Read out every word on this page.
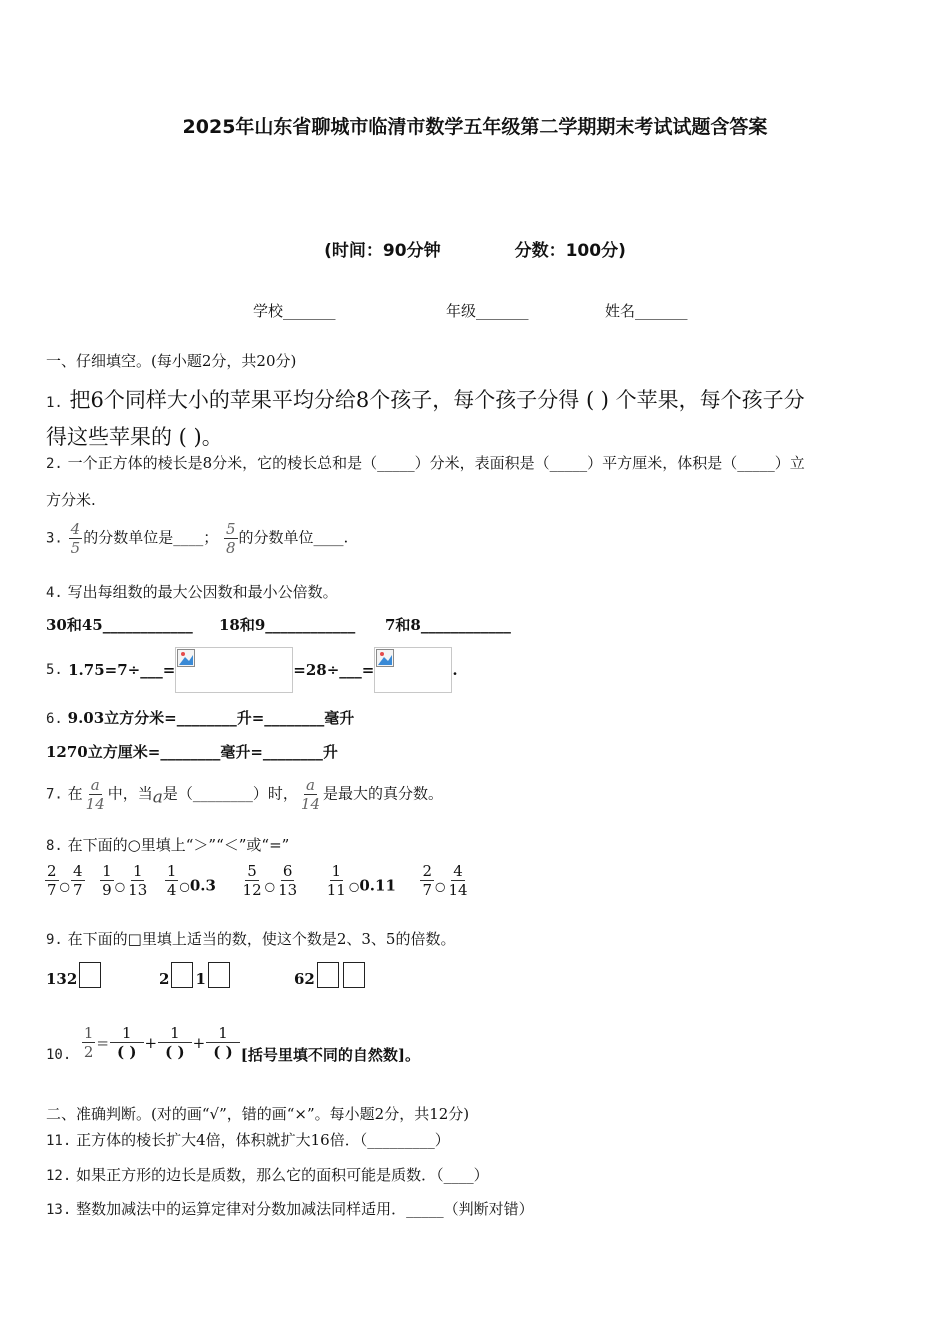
2025年山东省聊城市临清市数学五年级第二学期期末考试试题含答案
(时间：90分钟	分数：100分)
学校_______	年级_______	姓名_______
一、仔细填空。(每小题2分，共20分)
1. 把6个同样大小的苹果平均分给8个孩子，每个孩子分得 ( ) 个苹果，每个孩子分
得这些苹果的 ( )。
2. 一个正方体的棱长是8分米，它的棱长总和是（_____）分米，表面积是（_____）平方厘米，体积是（_____）立
方分米.
3. $\frac{4}{5}$ 的分数单位是____； $\frac{5}{8}$ 的分数单位____.
4. 写出每组数的最大公因数和最小公倍数。
30和45____________ 18和9____________ 7和8____________
5.
1.75=7÷___=	=28÷___=	.
6. 9.03立方分米=________升=________毫升
1270立方厘米=________毫升=________升
7. 在 $\frac{a}{14}$ 中，当a是（________）时， $\frac{a}{14}$ 是最大的真分数。
8. 在下面的○里填上“＞”“＜”或“=”
$\frac{2}{7} _○ \frac{4}{7}$
$\frac{1}{9} _○ \frac{1}{13}$
$\frac{1}{4} _○0.3 \frac{5}{12} _○ \frac{6}{13}$
$\frac{1}{11} _○0.11 \frac{2}{7} _○ \frac{4}{14}$
9. 在下面的□里填上适当的数，使这个数是2、3、5的倍数。
132	2 1	62
10.
$\frac{1}{2} = \frac{1}{( )} + \frac{1}{( )} + \frac{1}{( )}$ [括号里填不同的自然数]。
二、准确判断。(对的画“√”，错的画“×”。每小题2分，共12分)
11. 正方体的棱长扩大4倍，体积就扩大16倍．（_________）
12. 如果正方形的边长是质数，那么它的面积可能是质数．（____）
13. 整数加减法中的运算定律对分数加减法同样适用．_____（判断对错）
